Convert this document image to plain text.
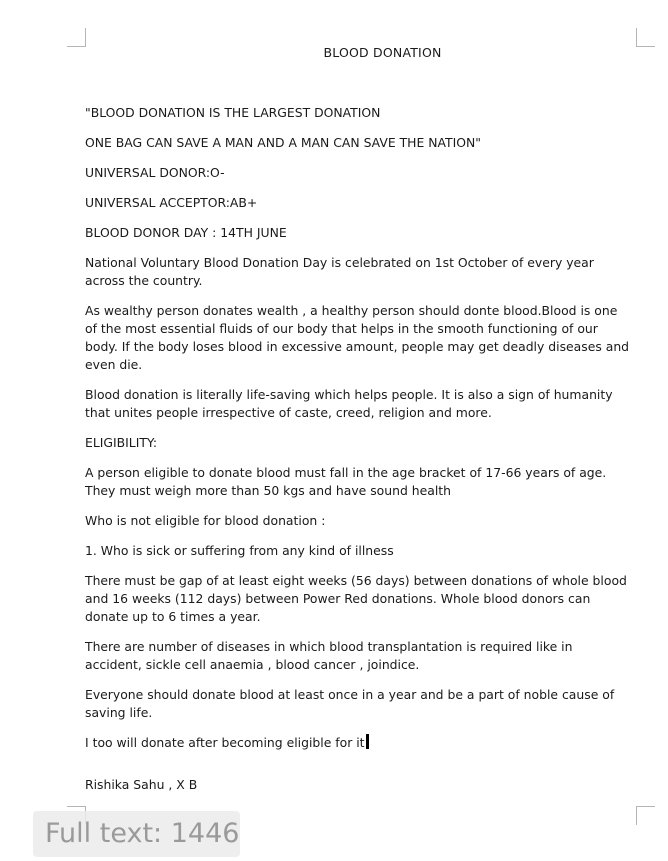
BLOOD DONATION

"BLOOD DONATION IS THE LARGEST DONATION

ONE BAG CAN SAVE A MAN AND A MAN CAN SAVE THE NATION"

UNIVERSAL DONOR:O-

UNIVERSAL ACCEPTOR:AB+

BLOOD DONOR DAY : 14TH JUNE

National Voluntary Blood Donation Day is celebrated on 1st October of every year across the country.

As wealthy person donates wealth , a healthy person should donte blood.Blood is one of the most essential fluids of our body that helps in the smooth functioning of our body. If the body loses blood in excessive amount, people may get deadly diseases and even die.

Blood donation is literally life-saving which helps people. It is also a sign of humanity that unites people irrespective of caste, creed, religion and more.

ELIGIBILITY:

A person eligible to donate blood must fall in the age bracket of 17-66 years of age. They must weigh more than 50 kgs and have sound health

Who is not eligible for blood donation :

1. Who is sick or suffering from any kind of illness

There must be gap of at least eight weeks (56 days) between donations of whole blood and 16 weeks (112 days) between Power Red donations. Whole blood donors can donate up to 6 times a year.

There are number of diseases in which blood transplantation is required like in accident, sickle cell anaemia , blood cancer , joindice.

Everyone should donate blood at least once in a year and be a part of noble cause of saving life.

I too will donate after becoming eligible for it

Rishika Sahu , X B

Full text: 1446
